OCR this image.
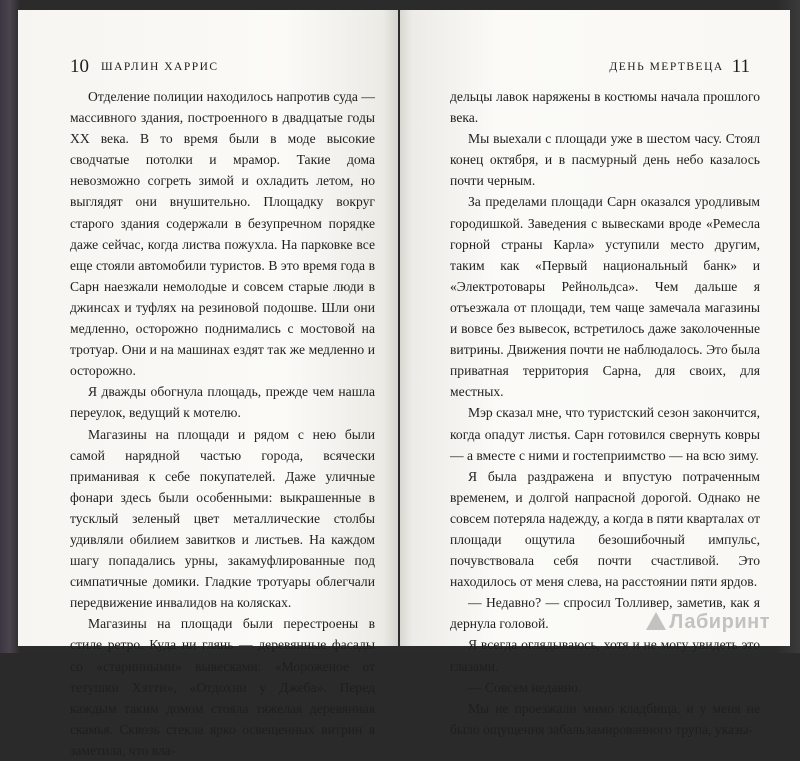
10 ШАРЛИН ХАРРИС

Отделение полиции находилось напротив суда — массивного здания, построенного в двадцатые годы XX века. В то время были в моде высокие сводчатые потолки и мрамор. Такие дома невозможно согреть зимой и охладить летом, но выглядят они внушительно. Площадку вокруг старого здания содержали в безупречном порядке даже сейчас, когда листва пожухла. На парковке все еще стояли автомобили туристов. В это время года в Сарн наезжали немолодые и совсем старые люди в джинсах и туфлях на резиновой подошве. Шли они медленно, осторожно поднимались с мостовой на тротуар. Они и на машинах ездят так же медленно и осторожно.

Я дважды обогнула площадь, прежде чем нашла переулок, ведущий к мотелю.

Магазины на площади и рядом с нею были самой нарядной частью города, всячески приманивая к себе покупателей. Даже уличные фонари здесь были особенными: выкрашенные в тусклый зеленый цвет металлические столбы удивляли обилием завитков и листьев. На каждом шагу попадались урны, закамуфлированные под симпатичные домики. Гладкие тротуары облегчали передвижение инвалидов на колясках.

Магазины на площади были перестроены в стиле ретро. Куда ни глянь — деревянные фасады со «старинными» вывесками: «Мороженое от тетушки Хэтти», «Отдохни у Джеба». Перед каждым таким домом стояла тяжелая деревянная скамья. Сквозь стекла ярко освещенных витрин я заметила, что вла-

ДЕНЬ МЕРТВЕЦА 11

дельцы лавок наряжены в костюмы начала прошлого века.

Мы выехали с площади уже в шестом часу. Стоял конец октября, и в пасмурный день небо казалось почти черным.

За пределами площади Сарн оказался уродливым городишкой. Заведения с вывесками вроде «Ремесла горной страны Карла» уступили место другим, таким как «Первый национальный банк» и «Электротовары Рейнольдса». Чем дальше я отъезжала от площади, тем чаще замечала магазины и вовсе без вывесок, встретилось даже заколоченные витрины. Движения почти не наблюдалось. Это была приватная территория Сарна, для своих, для местных.

Мэр сказал мне, что туристский сезон закончится, когда опадут листья. Сарн готовился свернуть ковры — а вместе с ними и гостеприимство — на всю зиму.

Я была раздражена и впустую потраченным временем, и долгой напрасной дорогой. Однако не совсем потеряла надежду, а когда в пяти кварталах от площади ощутила безошибочный импульс, почувствовала себя почти счастливой. Это находилось от меня слева, на расстоянии пяти ярдов.

— Недавно? — спросил Толливер, заметив, как я дернула головой.

Я всегда оглядываюсь, хотя и не могу увидеть это глазами.

— Совсем недавно.

Мы не проезжали мимо кладбища, и у меня не было ощущения забальзамированного трупа, указы-

Лабиринт
